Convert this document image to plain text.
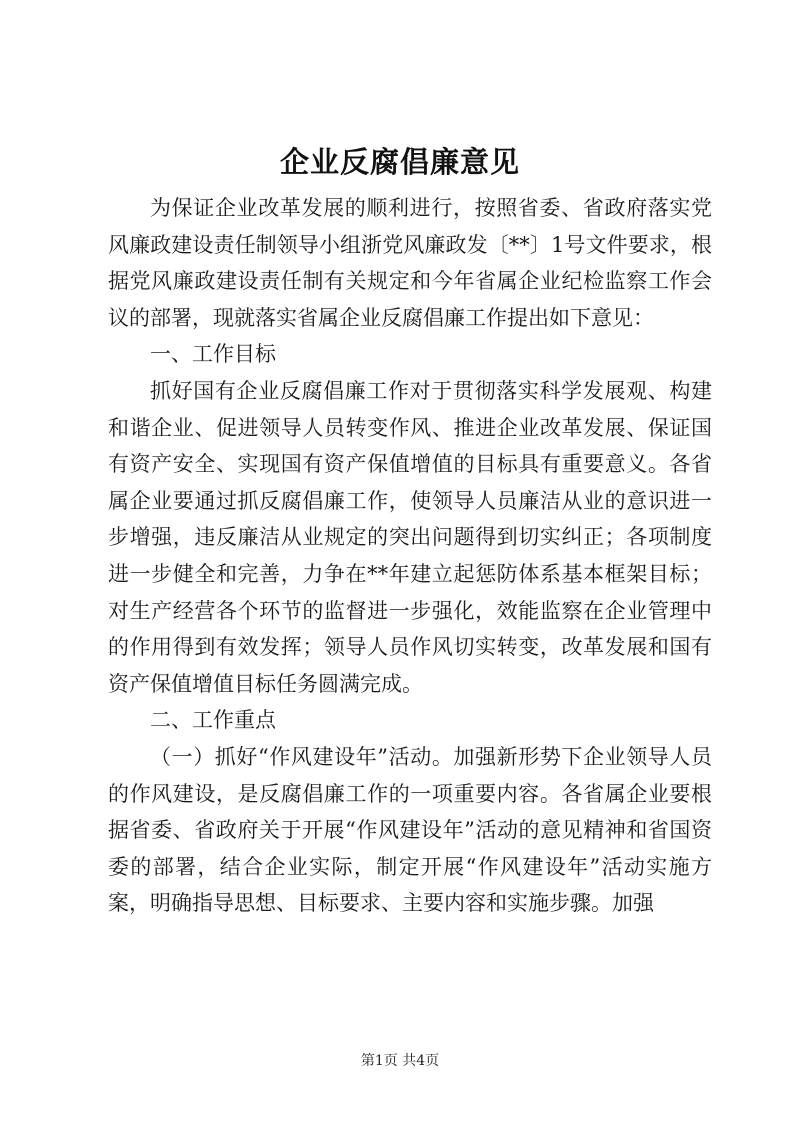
企业反腐倡廉意见

为保证企业改革发展的顺利进行，按照省委、省政府落实党风廉政建设责任制领导小组浙党风廉政发〔**〕1号文件要求，根据党风廉政建设责任制有关规定和今年省属企业纪检监察工作会议的部署，现就落实省属企业反腐倡廉工作提出如下意见：

一、工作目标

抓好国有企业反腐倡廉工作对于贯彻落实科学发展观、构建和谐企业、促进领导人员转变作风、推进企业改革发展、保证国有资产安全、实现国有资产保值增值的目标具有重要意义。各省属企业要通过抓反腐倡廉工作，使领导人员廉洁从业的意识进一步增强，违反廉洁从业规定的突出问题得到切实纠正；各项制度进一步健全和完善，力争在**年建立起惩防体系基本框架目标；对生产经营各个环节的监督进一步强化，效能监察在企业管理中的作用得到有效发挥；领导人员作风切实转变，改革发展和国有资产保值增值目标任务圆满完成。

二、工作重点

（一）抓好“作风建设年”活动。加强新形势下企业领导人员的作风建设，是反腐倡廉工作的一项重要内容。各省属企业要根据省委、省政府关于开展“作风建设年”活动的意见精神和省国资委的部署，结合企业实际，制定开展“作风建设年”活动实施方案，明确指导思想、目标要求、主要内容和实施步骤。加强

第1页 共4页
